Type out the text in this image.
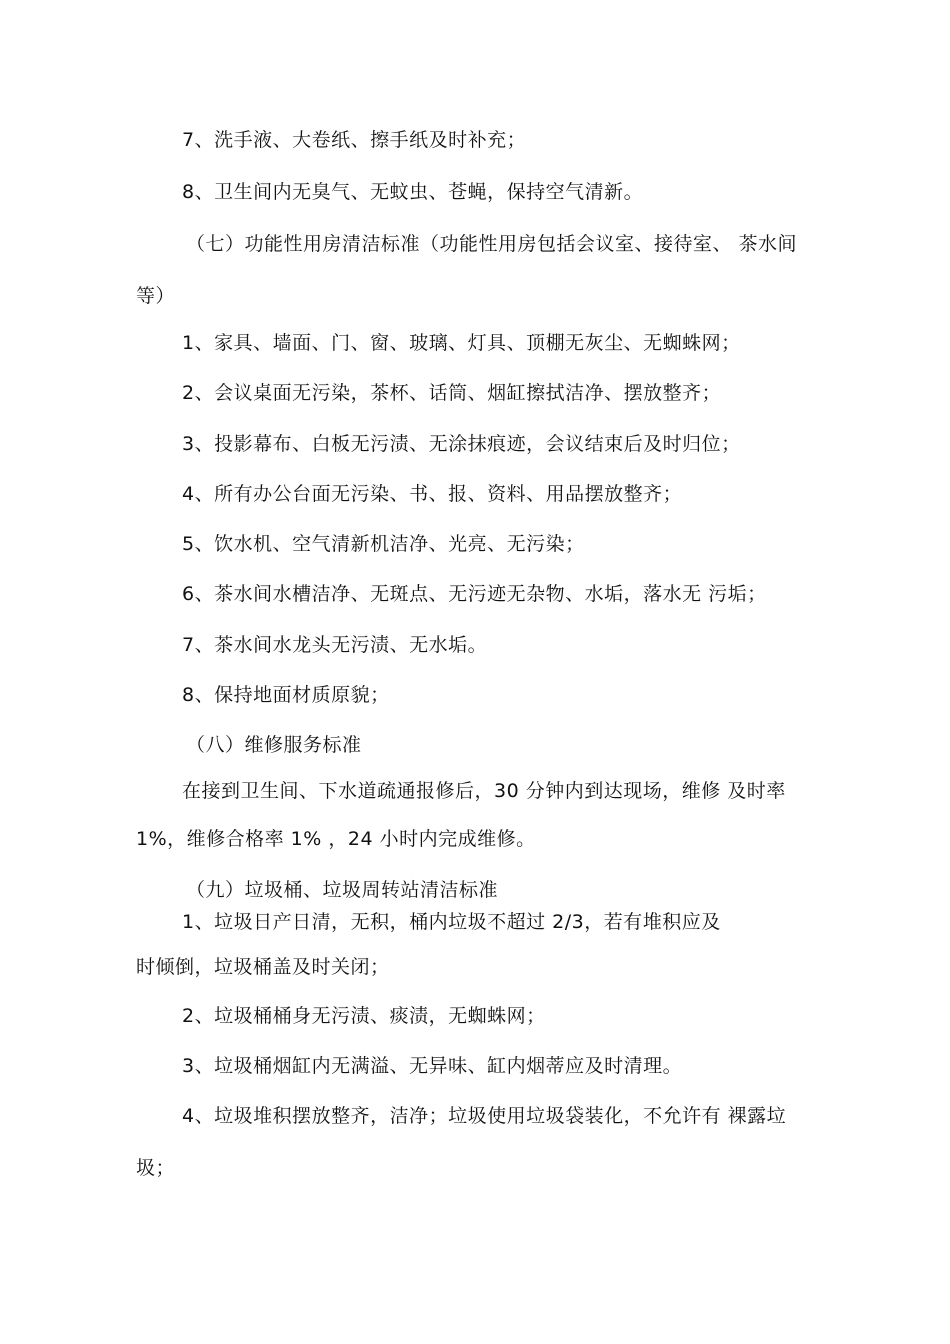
7、洗手液、大卷纸、擦手纸及时补充；
8、卫生间内无臭气、无蚊虫、苍蝇，保持空气清新。
（七）功能性用房清洁标准（功能性用房包括会议室、接待室、 茶水间
等）
1、家具、墙面、门、窗、玻璃、灯具、顶棚无灰尘、无蜘蛛网；
2、会议桌面无污染，茶杯、话筒、烟缸擦拭洁净、摆放整齐；
3、投影幕布、白板无污渍、无涂抹痕迹，会议结束后及时归位；
4、所有办公台面无污染、书、报、资料、用品摆放整齐；
5、饮水机、空气清新机洁净、光亮、无污染；
6、茶水间水槽洁净、无斑点、无污迹无杂物、水垢，落水无 污垢；
7、茶水间水龙头无污渍、无水垢。
8、保持地面材质原貌；
（八）维修服务标准
在接到卫生间、下水道疏通报修后，30 分钟内到达现场，维修 及时率
1%，维修合格率 1% ，24 小时内完成维修。
（九）垃圾桶、垃圾周转站清洁标准
1、垃圾日产日清，无积，桶内垃圾不超过 2/3，若有堆积应及
时倾倒，垃圾桶盖及时关闭；
2、垃圾桶桶身无污渍、痰渍，无蜘蛛网；
3、垃圾桶烟缸内无满溢、无异味、缸内烟蒂应及时清理。
4、垃圾堆积摆放整齐，洁净；垃圾使用垃圾袋装化，不允许有 裸露垃
圾；
